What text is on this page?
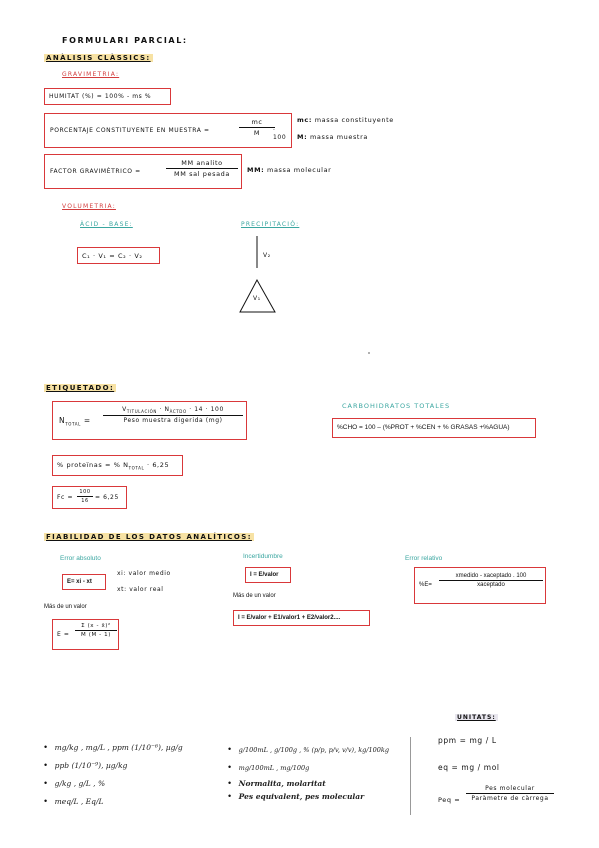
FORMULARI PARCIAL:
ANÀLISIS CLÀSSICS:
GRAVIMETRIA:
HUMITAT (%) = 100% - ms %
PORCENTAJE CONSTITUYENTE EN MUESTRA =
mc
M	· 100
mc: massa constituyente
M: massa muestra
FACTOR GRAVIMÈTRICO =
MM analito
MM sal pesada	MM: massa molecular
VOLUMETRIA:
ÀCID - BASE:
C₁ · V₁ = C₂ · V₂
PRECIPITACIÓ:
V₂
V₁
ETIQUETADO:
$N_{TOTAL}$ =
$V_{TITULACIÓN} \cdot N_{ÀCTDO} \cdot 14 \cdot 100$
Peso muestra digerida (mg)
% proteïnas = % $N_{TOTAL} \cdot 6,25$
Fc =
100
16	= 6,25
CARBOHIDRATOS TOTALES
%CHO = 100 – (%PROT + %CEN + % GRASAS +%AGUA)
FIABILIDAD DE LOS DATOS ANALÍTICOS:
Error absoluto
E= xi - xt
xi: valor medio
xt: valor real
Más de un valor
E =
Σ (x - x̄)²
M (M - 1)
Incertidumbre
I = E/valor
Más de un valor
I = E/valor + E1/valor1 + E2/valor2....
Error relativo
%E=
xmedido - xaceptado . 100
xaceptado
•   mg/kg , mg/L , ppm (1/10⁻⁶), µg/g
•   ppb (1/10⁻⁹), µg/kg
•   g/kg , g/L , %
•   meq/L , Eq/L
•   g/100mL , g/100g , % (p/p, p/v, v/v), kg/100kg
•   mg/100mL , mg/100g
•   Normalita, molaritat
•   Pes equivalent, pes molecular
UNITATS:
ppm = mg / L
eq = mg / mol
Peq =
Pes molecular
Paràmetre de càrrega
